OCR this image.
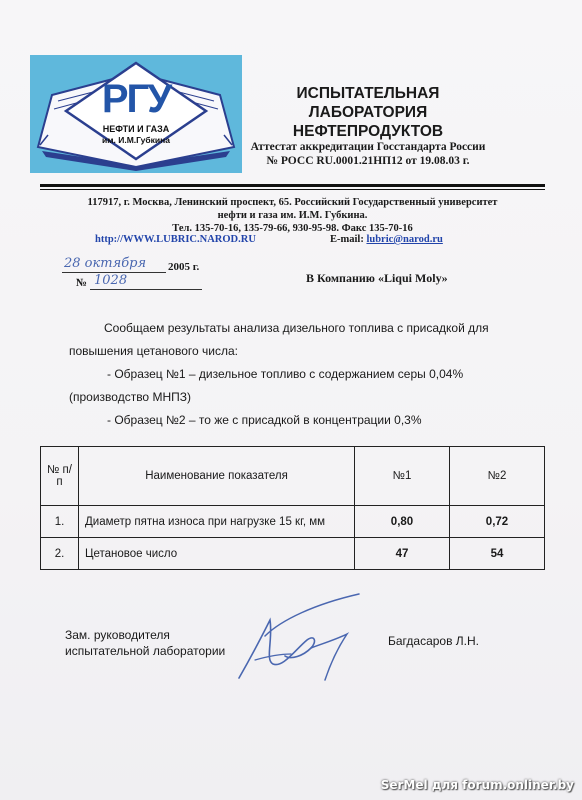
РГУ
НЕФТИ И ГАЗА
им. И.М.Губкина
ИСПЫТАТЕЛЬНАЯ
ЛАБОРАТОРИЯ
НЕФТЕПРОДУКТОВ
Аттестат аккредитации Госстандарта России
№ РОСС RU.0001.21НП12 от 19.08.03 г.
117917, г. Москва, Ленинский проспект, 65. Российский Государственный университет
нефти и газа им. И.М. Губкина.
Тел. 135-70-16, 135-79-66, 930-95-98. Факс 135-70-16
http://WWW.LUBRIC.NAROD.RU	E-mail: lubric@narod.ru
28 октября 2005 г.
№ 1028	В Компанию «Liqui Moly»
Сообщаем результаты анализа дизельного топлива с присадкой для
повышения цетанового числа:
- Образец №1 – дизельное топливо с содержанием серы 0,04%
(производство МНПЗ)
- Образец №2 – то же с присадкой в концентрации 0,3%
№ п/п	Наименование показателя	№1	№2
1.	Диаметр пятна износа при нагрузке 15 кг, мм	0,80	0,72
2.	Цетановое число	47	54
Зам. руководителя
испытательной лаборатории
Багдасаров Л.Н.
SerMel для forum.onliner.by
